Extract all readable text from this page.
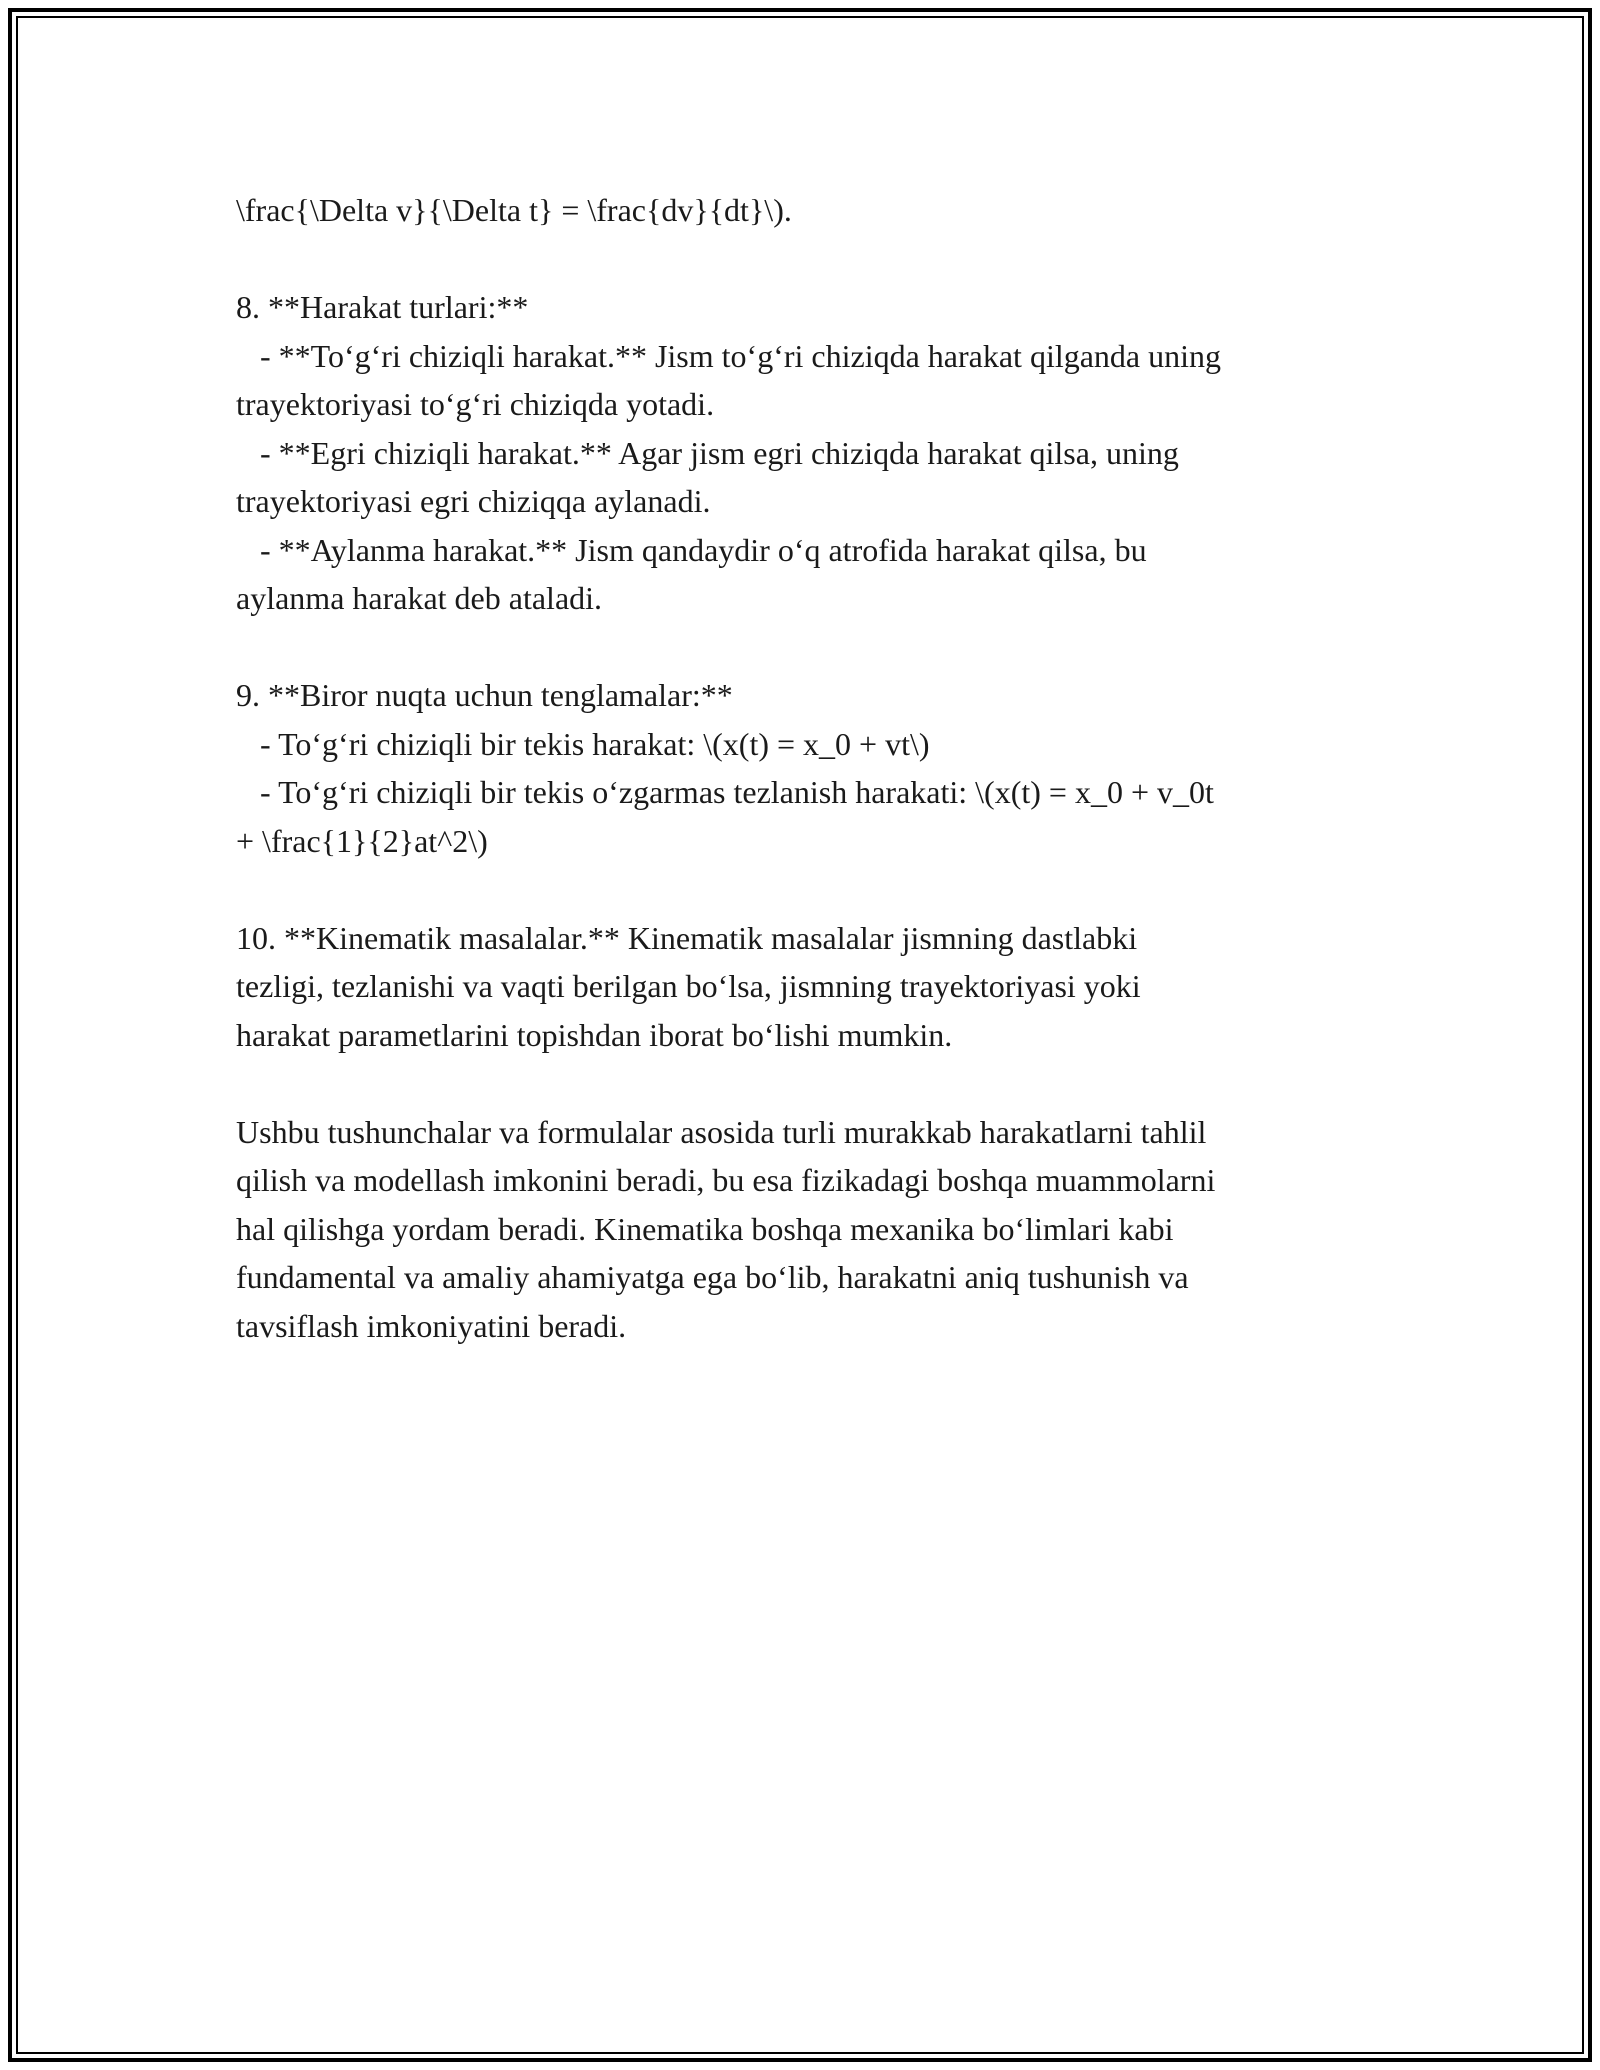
\frac{\Delta v}{\Delta t} = \frac{dv}{dt}\).
8. **Harakat turlari:**
- **To‘g‘ri chiziqli harakat.** Jism to‘g‘ri chiziqda harakat qilganda uning
trayektoriyasi to‘g‘ri chiziqda yotadi.
- **Egri chiziqli harakat.** Agar jism egri chiziqda harakat qilsa, uning
trayektoriyasi egri chiziqqa aylanadi.
- **Aylanma harakat.** Jism qandaydir o‘q atrofida harakat qilsa, bu
aylanma harakat deb ataladi.
9. **Biror nuqta uchun tenglamalar:**
- To‘g‘ri chiziqli bir tekis harakat: \(x(t) = x_0 + vt\)
- To‘g‘ri chiziqli bir tekis o‘zgarmas tezlanish harakati: \(x(t) = x_0 + v_0t
+ \frac{1}{2}at^2\)
10. **Kinematik masalalar.** Kinematik masalalar jismning dastlabki
tezligi, tezlanishi va vaqti berilgan bo‘lsa, jismning trayektoriyasi yoki
harakat parametlarini topishdan iborat bo‘lishi mumkin.
Ushbu tushunchalar va formulalar asosida turli murakkab harakatlarni tahlil
qilish va modellash imkonini beradi, bu esa fizikadagi boshqa muammolarni
hal qilishga yordam beradi. Kinematika boshqa mexanika bo‘limlari kabi
fundamental va amaliy ahamiyatga ega bo‘lib, harakatni aniq tushunish va
tavsiflash imkoniyatini beradi.
